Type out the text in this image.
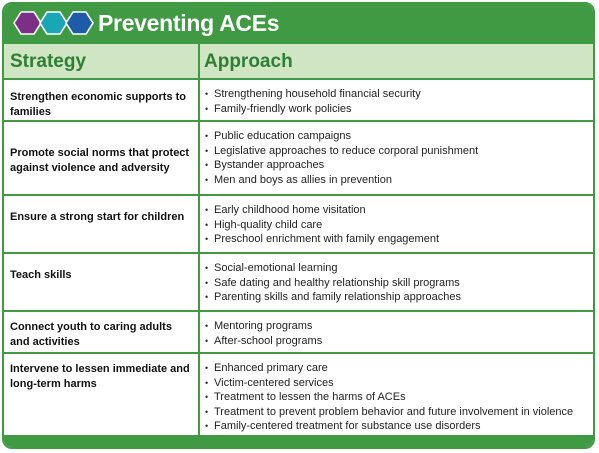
Preventing ACEs
Strategy	Approach
Strengthen economic supports to families
• Strengthening household financial security
• Family-friendly work policies
Promote social norms that protect against violence and adversity
• Public education campaigns
• Legislative approaches to reduce corporal punishment
• Bystander approaches
• Men and boys as allies in prevention
Ensure a strong start for children
• Early childhood home visitation
• High-quality child care
• Preschool enrichment with family engagement
Teach skills
• Social-emotional learning
• Safe dating and healthy relationship skill programs
• Parenting skills and family relationship approaches
Connect youth to caring adults and activities
• Mentoring programs
• After-school programs
Intervene to lessen immediate and long-term harms
• Enhanced primary care
• Victim-centered services
• Treatment to lessen the harms of ACEs
• Treatment to prevent problem behavior and future involvement in violence
• Family-centered treatment for substance use disorders
